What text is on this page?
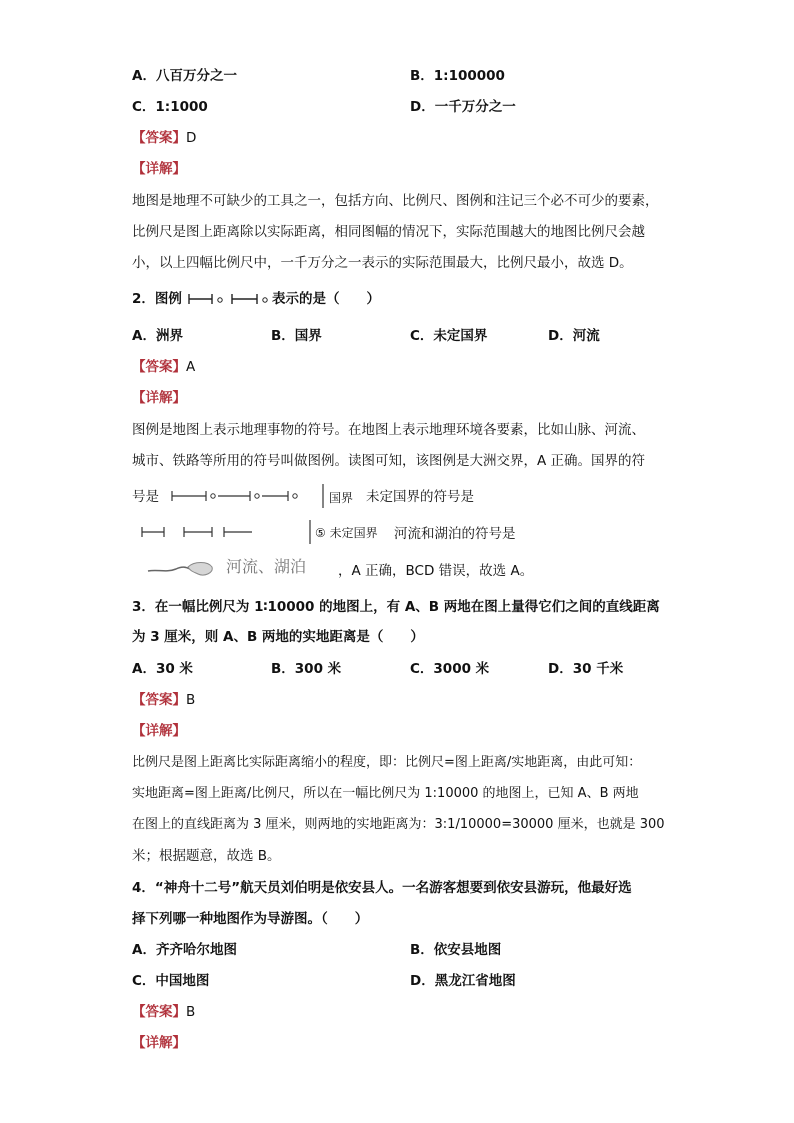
A．八百万分之一	B．1:100000
C．1:1000	D．一千万分之一
【答案】D
【详解】
地图是地理不可缺少的工具之一，包括方向、比例尺、图例和注记三个必不可少的要素，
比例尺是图上距离除以实际距离，相同图幅的情况下，实际范围越大的地图比例尺会越
小，以上四幅比例尺中，一千万分之一表示的实际范围最大，比例尺最小，故选 D。
2．图例	表示的是（　　）
A．洲界	B．国界	C．未定国界	D．河流
【答案】A
【详解】
图例是地图上表示地理事物的符号。在地图上表示地理环境各要素，比如山脉、河流、
城市、铁路等所用的符号叫做图例。读图可知，该图例是大洲交界，A 正确。国界的符
号是	国界 未定国界的符号是
⑤ 未定国界 河流和湖泊的符号是
河流、湖泊 ，A 正确，BCD 错误，故选 A。
3．在一幅比例尺为 1∶10000 的地图上，有 A、B 两地在图上量得它们之间的直线距离
为 3 厘米，则 A、B 两地的实地距离是（　　）
A．30 米	B．300 米	C．3000 米	D．30 千米
【答案】B
【详解】
比例尺是图上距离比实际距离缩小的程度，即：比例尺=图上距离/实地距离，由此可知：
实地距离=图上距离/比例尺，所以在一幅比例尺为 1:10000 的地图上，已知 A、B 两地
在图上的直线距离为 3 厘米，则两地的实地距离为：3:1/10000=30000 厘米，也就是 300
米；根据题意，故选 B。
4．“神舟十二号”航天员刘伯明是依安县人。一名游客想要到依安县游玩，他最好选
择下列哪一种地图作为导游图。（　　）
A．齐齐哈尔地图	B．依安县地图
C．中国地图	D．黑龙江省地图
【答案】B
【详解】
